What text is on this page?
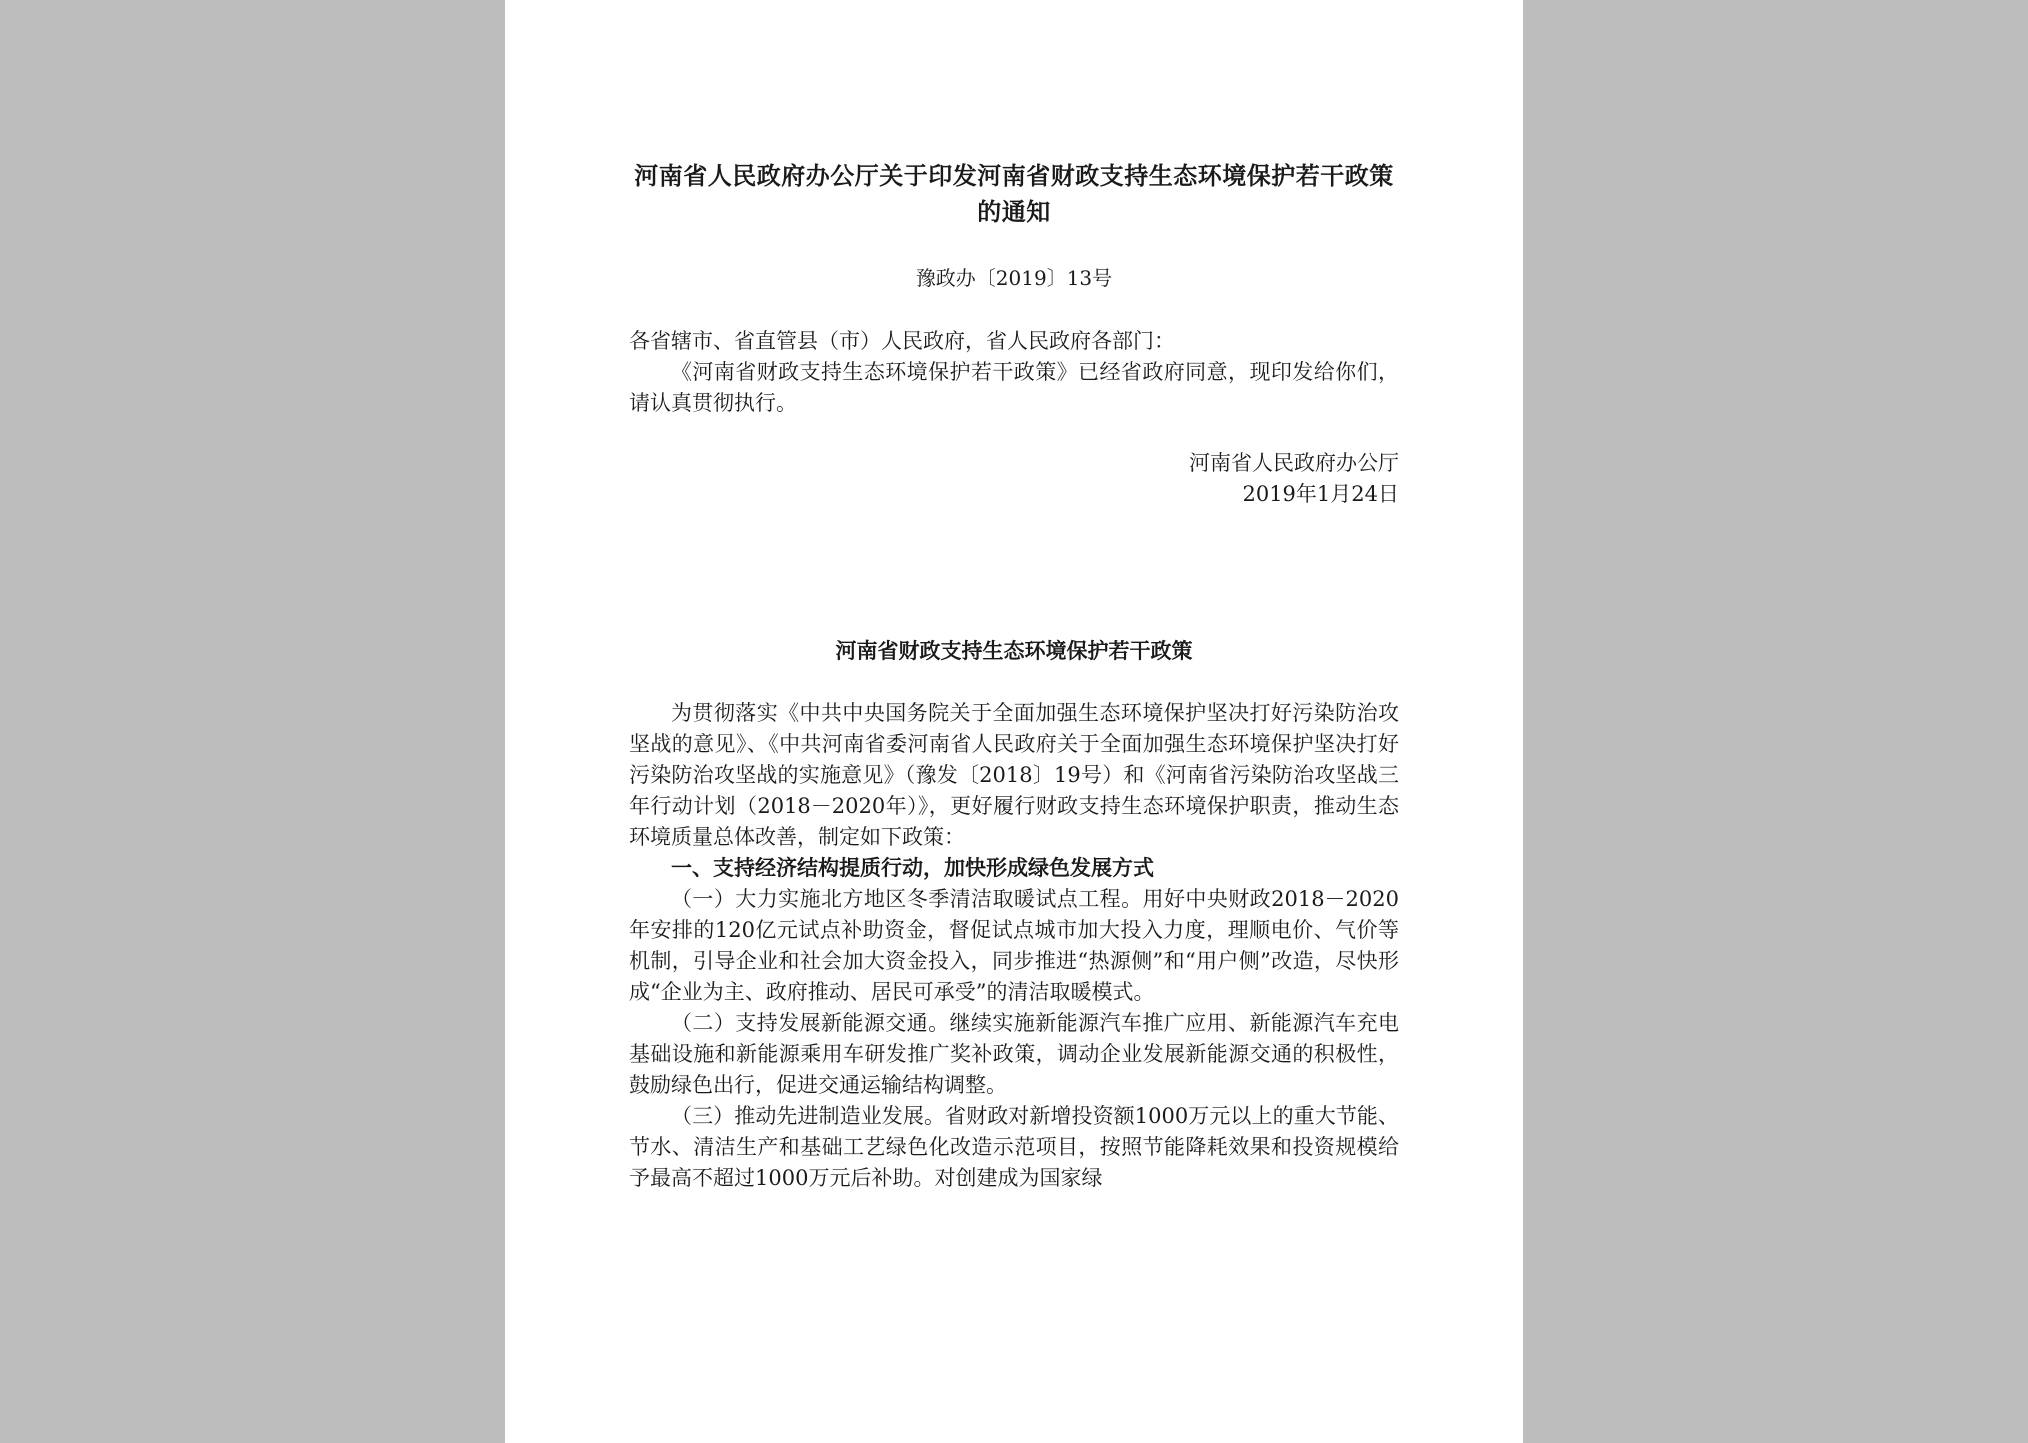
河南省人民政府办公厅关于印发河南省财政支持生态环境保护若干政策的通知
豫政办〔2019〕13号

各省辖市、省直管县（市）人民政府，省人民政府各部门：

《河南省财政支持生态环境保护若干政策》已经省政府同意，现印发给你们，请认真贯彻执行。

河南省人民政府办公厅
2019年1月24日
河南省财政支持生态环境保护若干政策

为贯彻落实《中共中央国务院关于全面加强生态环境保护坚决打好污染防治攻坚战的意见》、《中共河南省委河南省人民政府关于全面加强生态环境保护坚决打好污染防治攻坚战的实施意见》（豫发〔2018〕19号）和《河南省污染防治攻坚战三年行动计划（2018－2020年）》，更好履行财政支持生态环境保护职责，推动生态环境质量总体改善，制定如下政策：

一、支持经济结构提质行动，加快形成绿色发展方式

（一）大力实施北方地区冬季清洁取暖试点工程。用好中央财政2018－2020年安排的120亿元试点补助资金，督促试点城市加大投入力度，理顺电价、气价等机制，引导企业和社会加大资金投入，同步推进“热源侧”和“用户侧”改造，尽快形成“企业为主、政府推动、居民可承受”的清洁取暖模式。

（二）支持发展新能源交通。继续实施新能源汽车推广应用、新能源汽车充电基础设施和新能源乘用车研发推广奖补政策，调动企业发展新能源交通的积极性，鼓励绿色出行，促进交通运输结构调整。

（三）推动先进制造业发展。省财政对新增投资额1000万元以上的重大节能、节水、清洁生产和基础工艺绿色化改造示范项目，按照节能降耗效果和投资规模给予最高不超过1000万元后补助。对创建成为国家绿
